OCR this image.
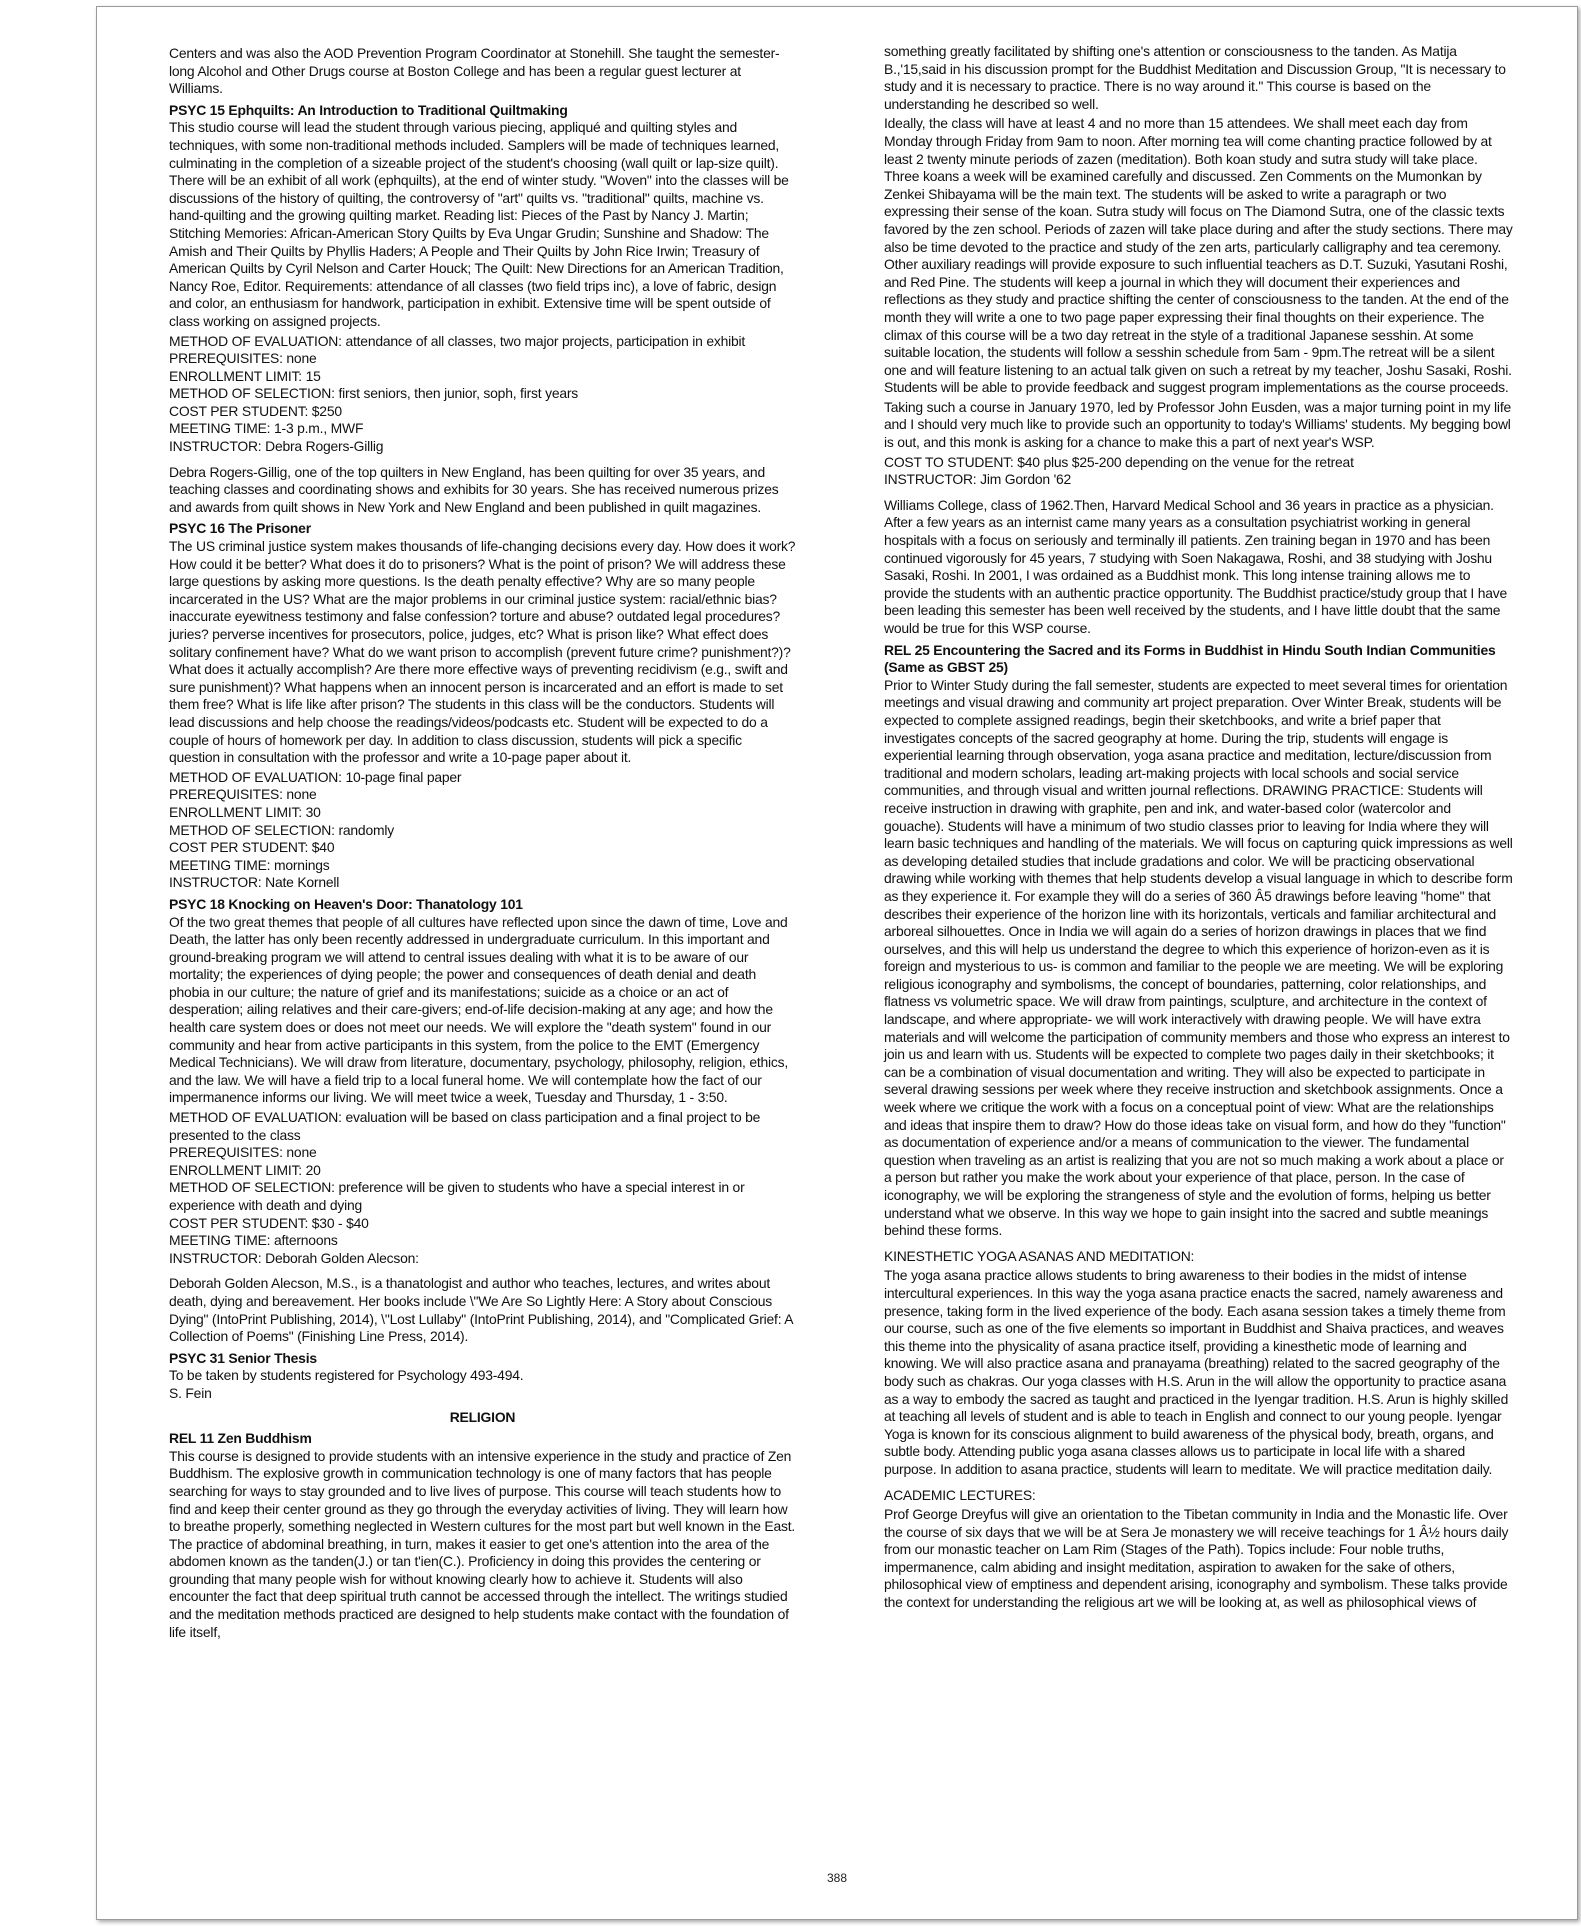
Centers and was also the AOD Prevention Program Coordinator at Stonehill. She taught the semester-long Alcohol and Other Drugs course at Boston College and has been a regular guest lecturer at Williams.
PSYC 15 Ephquilts: An Introduction to Traditional Quiltmaking
This studio course will lead the student through various piecing, appliqué and quilting styles and techniques, with some non-traditional methods included. Samplers will be made of techniques learned, culminating in the completion of a sizeable project of the student's choosing (wall quilt or lap-size quilt). There will be an exhibit of all work (ephquilts), at the end of winter study. "Woven" into the classes will be discussions of the history of quilting, the controversy of "art" quilts vs. "traditional" quilts, machine vs. hand-quilting and the growing quilting market. Reading list: Pieces of the Past by Nancy J. Martin; Stitching Memories: African-American Story Quilts by Eva Ungar Grudin; Sunshine and Shadow: The Amish and Their Quilts by Phyllis Haders; A People and Their Quilts by John Rice Irwin; Treasury of American Quilts by Cyril Nelson and Carter Houck; The Quilt: New Directions for an American Tradition, Nancy Roe, Editor. Requirements: attendance of all classes (two field trips inc), a love of fabric, design and color, an enthusiasm for handwork, participation in exhibit. Extensive time will be spent outside of class working on assigned projects.
METHOD OF EVALUATION: attendance of all classes, two major projects, participation in exhibit
PREREQUISITES: none
ENROLLMENT LIMIT: 15
METHOD OF SELECTION: first seniors, then junior, soph, first years
COST PER STUDENT: $250
MEETING TIME: 1-3 p.m., MWF
INSTRUCTOR: Debra Rogers-Gillig
Debra Rogers-Gillig, one of the top quilters in New England, has been quilting for over 35 years, and teaching classes and coordinating shows and exhibits for 30 years. She has received numerous prizes and awards from quilt shows in New York and New England and been published in quilt magazines.
PSYC 16 The Prisoner
The US criminal justice system makes thousands of life-changing decisions every day. How does it work? How could it be better? What does it do to prisoners? What is the point of prison? We will address these large questions by asking more questions. Is the death penalty effective? Why are so many people incarcerated in the US? What are the major problems in our criminal justice system: racial/ethnic bias? inaccurate eyewitness testimony and false confession? torture and abuse? outdated legal procedures? juries? perverse incentives for prosecutors, police, judges, etc? What is prison like? What effect does solitary confinement have? What do we want prison to accomplish (prevent future crime? punishment?)? What does it actually accomplish? Are there more effective ways of preventing recidivism (e.g., swift and sure punishment)? What happens when an innocent person is incarcerated and an effort is made to set them free? What is life like after prison? The students in this class will be the conductors. Students will lead discussions and help choose the readings/videos/podcasts etc. Student will be expected to do a couple of hours of homework per day. In addition to class discussion, students will pick a specific question in consultation with the professor and write a 10-page paper about it.
METHOD OF EVALUATION: 10-page final paper
PREREQUISITES: none
ENROLLMENT LIMIT: 30
METHOD OF SELECTION: randomly
COST PER STUDENT: $40
MEETING TIME: mornings
INSTRUCTOR: Nate Kornell
PSYC 18 Knocking on Heaven's Door: Thanatology 101
Of the two great themes that people of all cultures have reflected upon since the dawn of time, Love and Death, the latter has only been recently addressed in undergraduate curriculum. In this important and ground-breaking program we will attend to central issues dealing with what it is to be aware of our mortality; the experiences of dying people; the power and consequences of death denial and death phobia in our culture; the nature of grief and its manifestations; suicide as a choice or an act of desperation; ailing relatives and their care-givers; end-of-life decision-making at any age; and how the health care system does or does not meet our needs. We will explore the "death system" found in our community and hear from active participants in this system, from the police to the EMT (Emergency Medical Technicians). We will draw from literature, documentary, psychology, philosophy, religion, ethics, and the law. We will have a field trip to a local funeral home. We will contemplate how the fact of our impermanence informs our living. We will meet twice a week, Tuesday and Thursday, 1 - 3:50.
METHOD OF EVALUATION: evaluation will be based on class participation and a final project to be presented to the class
PREREQUISITES: none
ENROLLMENT LIMIT: 20
METHOD OF SELECTION: preference will be given to students who have a special interest in or experience with death and dying
COST PER STUDENT: $30 - $40
MEETING TIME: afternoons
INSTRUCTOR: Deborah Golden Alecson:
Deborah Golden Alecson, M.S., is a thanatologist and author who teaches, lectures, and writes about death, dying and bereavement. Her books include \"We Are So Lightly Here: A Story about Conscious Dying" (IntoPrint Publishing, 2014), \"Lost Lullaby" (IntoPrint Publishing, 2014), and "Complicated Grief: A Collection of Poems" (Finishing Line Press, 2014).
PSYC 31 Senior Thesis
To be taken by students registered for Psychology 493-494.
S. Fein
RELIGION
REL 11 Zen Buddhism
This course is designed to provide students with an intensive experience in the study and practice of Zen Buddhism. The explosive growth in communication technology is one of many factors that has people searching for ways to stay grounded and to live lives of purpose. This course will teach students how to find and keep their center ground as they go through the everyday activities of living. They will learn how to breathe properly, something neglected in Western cultures for the most part but well known in the East. The practice of abdominal breathing, in turn, makes it easier to get one's attention into the area of the abdomen known as the tanden(J.) or tan t'ien(C.). Proficiency in doing this provides the centering or grounding that many people wish for without knowing clearly how to achieve it. Students will also encounter the fact that deep spiritual truth cannot be accessed through the intellect. The writings studied and the meditation methods practiced are designed to help students make contact with the foundation of life itself,
something greatly facilitated by shifting one's attention or consciousness to the tanden. As Matija B.,'15,said in his discussion prompt for the Buddhist Meditation and Discussion Group, "It is necessary to study and it is necessary to practice. There is no way around it." This course is based on the understanding he described so well.
Ideally, the class will have at least 4 and no more than 15 attendees. We shall meet each day from Monday through Friday from 9am to noon. After morning tea will come chanting practice followed by at least 2 twenty minute periods of zazen (meditation). Both koan study and sutra study will take place. Three koans a week will be examined carefully and discussed. Zen Comments on the Mumonkan by Zenkei Shibayama will be the main text. The students will be asked to write a paragraph or two expressing their sense of the koan. Sutra study will focus on The Diamond Sutra, one of the classic texts favored by the zen school. Periods of zazen will take place during and after the study sections. There may also be time devoted to the practice and study of the zen arts, particularly calligraphy and tea ceremony. Other auxiliary readings will provide exposure to such influential teachers as D.T. Suzuki, Yasutani Roshi, and Red Pine. The students will keep a journal in which they will document their experiences and reflections as they study and practice shifting the center of consciousness to the tanden. At the end of the month they will write a one to two page paper expressing their final thoughts on their experience. The climax of this course will be a two day retreat in the style of a traditional Japanese sesshin. At some suitable location, the students will follow a sesshin schedule from 5am - 9pm.The retreat will be a silent one and will feature listening to an actual talk given on such a retreat by my teacher, Joshu Sasaki, Roshi. Students will be able to provide feedback and suggest program implementations as the course proceeds.
Taking such a course in January 1970, led by Professor John Eusden, was a major turning point in my life and I should very much like to provide such an opportunity to today's Williams' students. My begging bowl is out, and this monk is asking for a chance to make this a part of next year's WSP.
COST TO STUDENT: $40 plus $25-200 depending on the venue for the retreat
INSTRUCTOR: Jim Gordon '62
Williams College, class of 1962.Then, Harvard Medical School and 36 years in practice as a physician. After a few years as an internist came many years as a consultation psychiatrist working in general hospitals with a focus on seriously and terminally ill patients. Zen training began in 1970 and has been continued vigorously for 45 years, 7 studying with Soen Nakagawa, Roshi, and 38 studying with Joshu Sasaki, Roshi. In 2001, I was ordained as a Buddhist monk. This long intense training allows me to provide the students with an authentic practice opportunity. The Buddhist practice/study group that I have been leading this semester has been well received by the students, and I have little doubt that the same would be true for this WSP course.
REL 25 Encountering the Sacred and its Forms in Buddhist in Hindu South Indian Communities (Same as GBST 25)
Prior to Winter Study during the fall semester, students are expected to meet several times for orientation meetings and visual drawing and community art project preparation. Over Winter Break, students will be expected to complete assigned readings, begin their sketchbooks, and write a brief paper that investigates concepts of the sacred geography at home. During the trip, students will engage is experiential learning through observation, yoga asana practice and meditation, lecture/discussion from traditional and modern scholars, leading art-making projects with local schools and social service communities, and through visual and written journal reflections. DRAWING PRACTICE: Students will receive instruction in drawing with graphite, pen and ink, and water-based color (watercolor and gouache). Students will have a minimum of two studio classes prior to leaving for India where they will learn basic techniques and handling of the materials. We will focus on capturing quick impressions as well as developing detailed studies that include gradations and color. We will be practicing observational drawing while working with themes that help students develop a visual language in which to describe form as they experience it. For example they will do a series of 360 Â5 drawings before leaving "home" that describes their experience of the horizon line with its horizontals, verticals and familiar architectural and arboreal silhouettes. Once in India we will again do a series of horizon drawings in places that we find ourselves, and this will help us understand the degree to which this experience of horizon-even as it is foreign and mysterious to us- is common and familiar to the people we are meeting. We will be exploring religious iconography and symbolisms, the concept of boundaries, patterning, color relationships, and flatness vs volumetric space. We will draw from paintings, sculpture, and architecture in the context of landscape, and where appropriate- we will work interactively with drawing people. We will have extra materials and will welcome the participation of community members and those who express an interest to join us and learn with us. Students will be expected to complete two pages daily in their sketchbooks; it can be a combination of visual documentation and writing. They will also be expected to participate in several drawing sessions per week where they receive instruction and sketchbook assignments. Once a week where we critique the work with a focus on a conceptual point of view: What are the relationships and ideas that inspire them to draw? How do those ideas take on visual form, and how do they "function" as documentation of experience and/or a means of communication to the viewer. The fundamental question when traveling as an artist is realizing that you are not so much making a work about a place or a person but rather you make the work about your experience of that place, person. In the case of iconography, we will be exploring the strangeness of style and the evolution of forms, helping us better understand what we observe. In this way we hope to gain insight into the sacred and subtle meanings behind these forms.
KINESTHETIC YOGA ASANAS AND MEDITATION:
The yoga asana practice allows students to bring awareness to their bodies in the midst of intense intercultural experiences. In this way the yoga asana practice enacts the sacred, namely awareness and presence, taking form in the lived experience of the body. Each asana session takes a timely theme from our course, such as one of the five elements so important in Buddhist and Shaiva practices, and weaves this theme into the physicality of asana practice itself, providing a kinesthetic mode of learning and knowing. We will also practice asana and pranayama (breathing) related to the sacred geography of the body such as chakras. Our yoga classes with H.S. Arun in the will allow the opportunity to practice asana as a way to embody the sacred as taught and practiced in the Iyengar tradition. H.S. Arun is highly skilled at teaching all levels of student and is able to teach in English and connect to our young people. Iyengar Yoga is known for its conscious alignment to build awareness of the physical body, breath, organs, and subtle body. Attending public yoga asana classes allows us to participate in local life with a shared purpose. In addition to asana practice, students will learn to meditate. We will practice meditation daily.
ACADEMIC LECTURES:
Prof George Dreyfus will give an orientation to the Tibetan community in India and the Monastic life. Over the course of six days that we will be at Sera Je monastery we will receive teachings for 1 Â½ hours daily from our monastic teacher on Lam Rim (Stages of the Path). Topics include: Four noble truths, impermanence, calm abiding and insight meditation, aspiration to awaken for the sake of others, philosophical view of emptiness and dependent arising, iconography and symbolism. These talks provide the context for understanding the religious art we will be looking at, as well as philosophical views of
388
